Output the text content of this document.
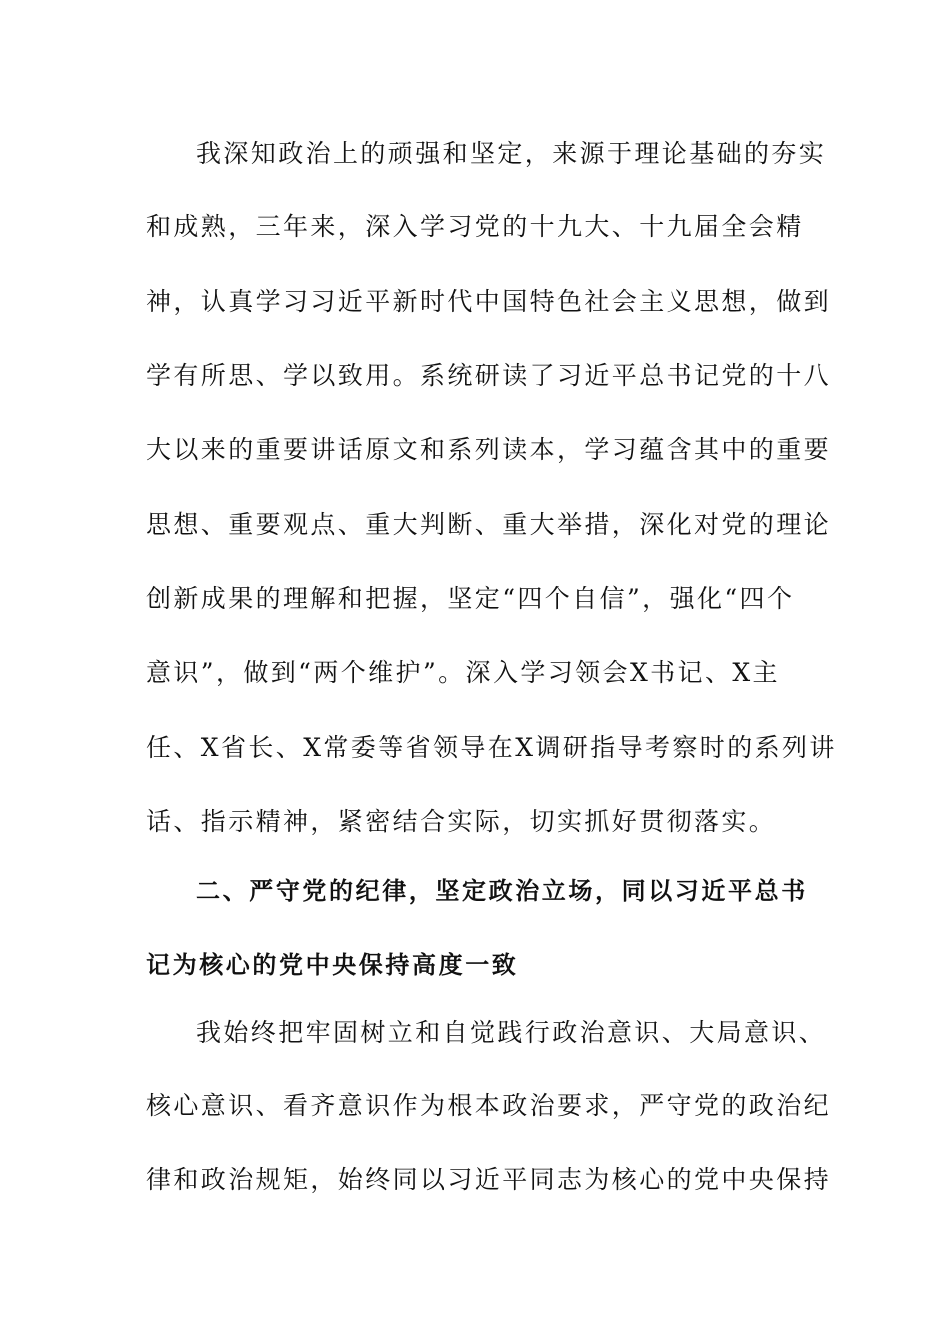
我深知政治上的顽强和坚定，来源于理论基础的夯实
和成熟，三年来，深入学习党的十九大、十九届全会精
神，认真学习习近平新时代中国特色社会主义思想，做到
学有所思、学以致用。系统研读了习近平总书记党的十八
大以来的重要讲话原文和系列读本，学习蕴含其中的重要
思想、重要观点、重大判断、重大举措，深化对党的理论
创新成果的理解和把握，坚定“四个自信”，强化“四个
意识”，做到“两个维护”。深入学习领会X书记、X主
任、X省长、X常委等省领导在X调研指导考察时的系列讲
话、指示精神，紧密结合实际，切实抓好贯彻落实。
二、严守党的纪律，坚定政治立场，同以习近平总书
记为核心的党中央保持高度一致
我始终把牢固树立和自觉践行政治意识、大局意识、
核心意识、看齐意识作为根本政治要求，严守党的政治纪
律和政治规矩，始终同以习近平同志为核心的党中央保持
